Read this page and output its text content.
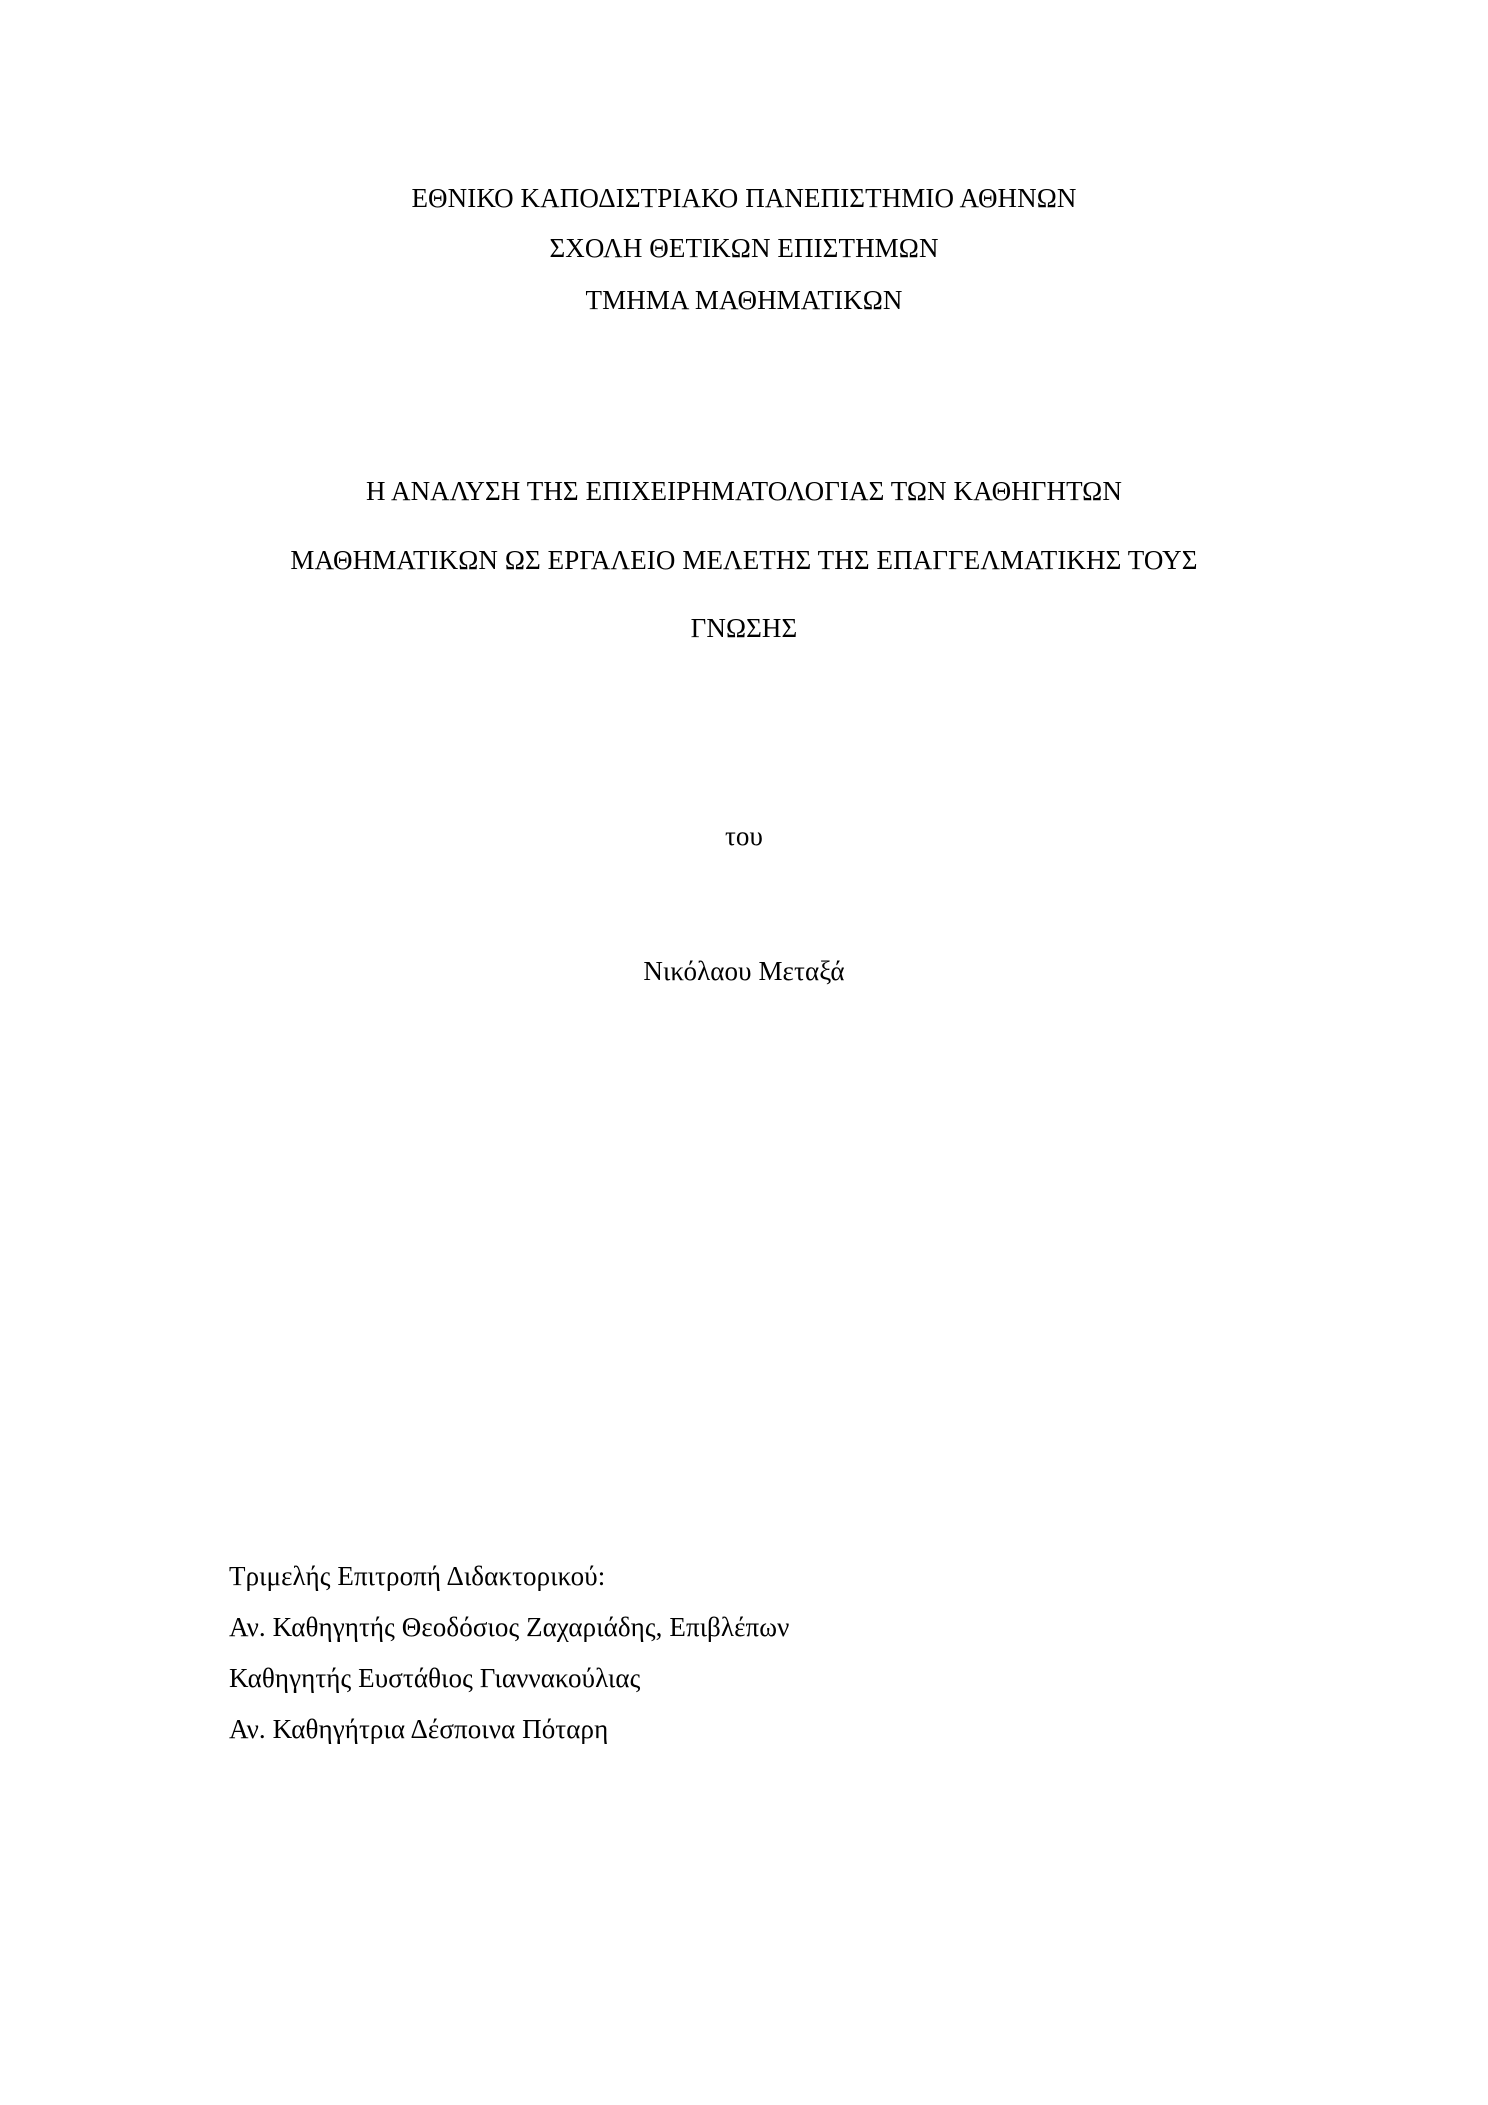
ΕΘΝΙΚΟ ΚΑΠΟΔΙΣΤΡΙΑΚΟ ΠΑΝΕΠΙΣΤΗΜΙΟ ΑΘΗΝΩΝ
ΣΧΟΛΗ ΘΕΤΙΚΩΝ ΕΠΙΣΤΗΜΩΝ
ΤΜΗΜΑ ΜΑΘΗΜΑΤΙΚΩΝ
Η ΑΝΑΛΥΣΗ ΤΗΣ ΕΠΙΧΕΙΡΗΜΑΤΟΛΟΓΙΑΣ ΤΩΝ ΚΑΘΗΓΗΤΩΝ
ΜΑΘΗΜΑΤΙΚΩΝ ΩΣ ΕΡΓΑΛΕΙΟ ΜΕΛΕΤΗΣ ΤΗΣ ΕΠΑΓΓΕΛΜΑΤΙΚΗΣ ΤΟΥΣ
ΓΝΩΣΗΣ
του
Νικόλαου Μεταξά
Τριμελής Επιτροπή Διδακτορικού:
Αν. Καθηγητής Θεοδόσιος Ζαχαριάδης, Επιβλέπων
Καθηγητής Ευστάθιος Γιαννακούλιας
Αν. Καθηγήτρια Δέσποινα Πόταρη
